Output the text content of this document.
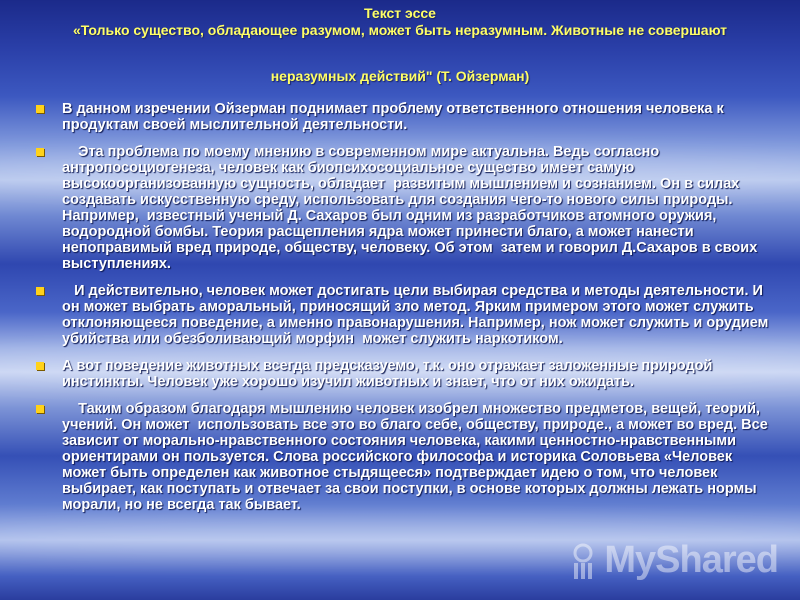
Текст эссе
«Только существо, обладающее разумом, может быть неразумным. Животные не совершают
неразумных действий" (Т. Ойзерман)
В данном изречении Ойзерман поднимает проблему ответственного отношения человека к продуктам своей мыслительной деятельности.
Эта проблема по моему мнению в современном мире актуальна. Ведь согласно антропосоциогенеза, человек как биопсихосоциальное существо имеет самую высокоорганизованную сущность, обладает  развитым мышлением и сознанием. Он в силах создавать искусственную среду, использовать для создания чего-то нового силы природы. Например,  известный ученый Д. Сахаров был одним из разработчиков атомного оружия, водородной бомбы. Теория расщепления ядра может принести благо, а может нанести непоправимый вред природе, обществу, человеку. Об этом  затем и говорил Д.Сахаров в своих выступлениях.
И действительно, человек может достигать цели выбирая средства и методы деятельности. И он может выбрать аморальный, приносящий зло метод. Ярким примером этого может служить   отклоняющееся поведение, а именно правонарушения. Например, нож может служить и орудием убийства или обезболивающий морфин  может служить наркотиком.
А вот поведение животных всегда предсказуемо, т.к. оно отражает заложенные природой инстинкты. Человек уже хорошо изучил животных и знает, что от них ожидать.
Таким образом благодаря мышлению человек изобрел множество предметов, вещей, теорий, учений. Он может  использовать все это во благо себе, обществу, природе., а может во вред. Все зависит от морально-нравственного состояния человека, какими ценностно-нравственными ориентирами он пользуется. Слова российского философа и историка Соловьева «Человек может быть определен как животное стыдящееся» подтверждает идею о том, что человек выбирает, как поступать и отвечает за свои поступки, в основе которых должны лежать нормы морали, но не всегда так бывает.
MyShared
